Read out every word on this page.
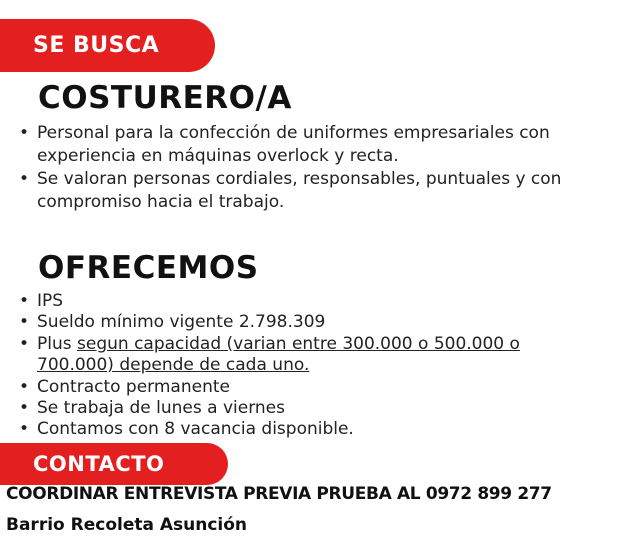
SE BUSCA
COSTURERO/A
• Personal para la confección de uniformes empresariales con experiencia en máquinas overlock y recta.
• Se valoran personas cordiales, responsables, puntuales y con compromiso hacia el trabajo.
OFRECEMOS
• IPS
• Sueldo mínimo vigente 2.798.309
• Plus segun capacidad (varian entre 300.000 o 500.000 o 700.000) depende de cada uno.
• Contracto permanente
• Se trabaja de lunes a viernes
• Contamos con 8 vacancia disponible.
CONTACTO
COORDINAR ENTREVISTA PREVIA PRUEBA AL 0972 899 277
Barrio Recoleta Asunción
